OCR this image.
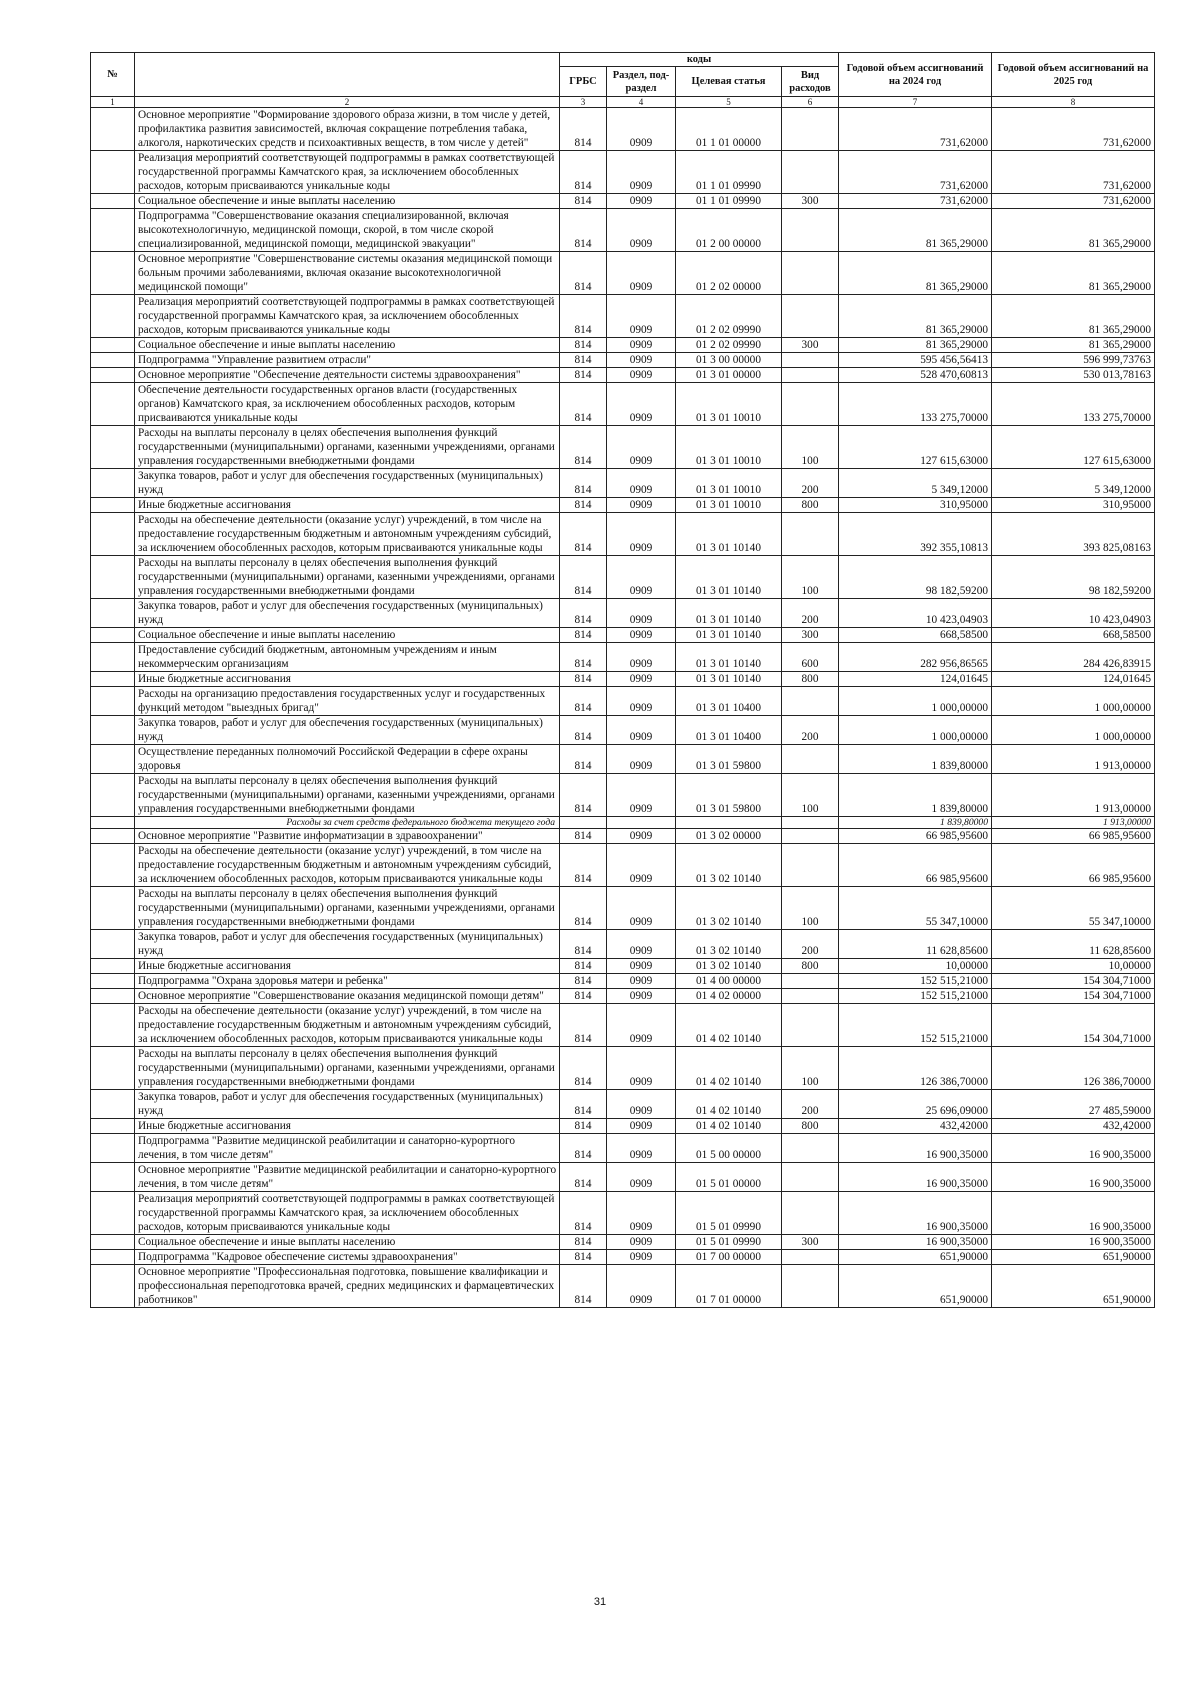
№		коды				Годовой объем ассигнований на 2024 год	Годовой объем ассигнований на 2025 год
		ГРБС	Раздел, под-раздел	Целевая статья	Вид расходов		
1	2	3	4	5	6	7	8
	Основное мероприятие "Формирование здорового образа жизни, в том числе у детей, профилактика развития зависимостей, включая сокращение потребления табака, алкоголя, наркотических средств и психоактивных веществ, в том числе у детей"	814	0909	01 1 01 00000		731,62000	731,62000
	Реализация мероприятий соответствующей подпрограммы в рамках соответствующей государственной программы Камчатского края, за исключением обособленных расходов, которым присваиваются уникальные коды	814	0909	01 1 01 09990		731,62000	731,62000
	Социальное обеспечение и иные выплаты населению	814	0909	01 1 01 09990	300	731,62000	731,62000
	Подпрограмма "Совершенствование оказания специализированной, включая высокотехнологичную, медицинской помощи, скорой, в том числе скорой специализированной, медицинской помощи, медицинской эвакуации"	814	0909	01 2 00 00000		81 365,29000	81 365,29000
	Основное мероприятие "Совершенствование системы оказания медицинской помощи больным прочими заболеваниями, включая оказание высокотехнологичной медицинской помощи"	814	0909	01 2 02 00000		81 365,29000	81 365,29000
	Реализация мероприятий соответствующей подпрограммы в рамках соответствующей государственной программы Камчатского края, за исключением обособленных расходов, которым присваиваются уникальные коды	814	0909	01 2 02 09990		81 365,29000	81 365,29000
	Социальное обеспечение и иные выплаты населению	814	0909	01 2 02 09990	300	81 365,29000	81 365,29000
	Подпрограмма "Управление развитием отрасли"	814	0909	01 3 00 00000		595 456,56413	596 999,73763
	Основное мероприятие "Обеспечение деятельности системы здравоохранения"	814	0909	01 3 01 00000		528 470,60813	530 013,78163
	Обеспечение деятельности государственных органов власти (государственных органов) Камчатского края, за исключением обособленных расходов, которым присваиваются уникальные коды	814	0909	01 3 01 10010		133 275,70000	133 275,70000
	Расходы на выплаты персоналу в целях обеспечения выполнения функций государственными (муниципальными) органами, казенными учреждениями, органами управления государственными внебюджетными фондами	814	0909	01 3 01 10010	100	127 615,63000	127 615,63000
	Закупка товаров, работ и услуг для обеспечения государственных (муниципальных) нужд	814	0909	01 3 01 10010	200	5 349,12000	5 349,12000
	Иные бюджетные ассигнования	814	0909	01 3 01 10010	800	310,95000	310,95000
	Расходы на обеспечение деятельности (оказание услуг) учреждений, в том числе на предоставление государственным бюджетным и автономным учреждениям субсидий, за исключением обособленных расходов, которым присваиваются уникальные коды	814	0909	01 3 01 10140		392 355,10813	393 825,08163
	Расходы на выплаты персоналу в целях обеспечения выполнения функций государственными (муниципальными) органами, казенными учреждениями, органами управления государственными внебюджетными фондами	814	0909	01 3 01 10140	100	98 182,59200	98 182,59200
	Закупка товаров, работ и услуг для обеспечения государственных (муниципальных) нужд	814	0909	01 3 01 10140	200	10 423,04903	10 423,04903
	Социальное обеспечение и иные выплаты населению	814	0909	01 3 01 10140	300	668,58500	668,58500
	Предоставление субсидий бюджетным, автономным учреждениям и иным некоммерческим организациям	814	0909	01 3 01 10140	600	282 956,86565	284 426,83915
	Иные бюджетные ассигнования	814	0909	01 3 01 10140	800	124,01645	124,01645
	Расходы на организацию предоставления государственных услуг и государственных функций методом "выездных бригад"	814	0909	01 3 01 10400		1 000,00000	1 000,00000
	Закупка товаров, работ и услуг для обеспечения государственных (муниципальных) нужд	814	0909	01 3 01 10400	200	1 000,00000	1 000,00000
	Осуществление переданных полномочий Российской Федерации в сфере охраны здоровья	814	0909	01 3 01 59800		1 839,80000	1 913,00000
	Расходы на выплаты персоналу в целях обеспечения выполнения функций государственными (муниципальными) органами, казенными учреждениями, органами управления государственными внебюджетными фондами	814	0909	01 3 01 59800	100	1 839,80000	1 913,00000
	Расходы за счет средств федерального бюджета текущего года					1 839,80000	1 913,00000
	Основное мероприятие "Развитие информатизации в здравоохранении"	814	0909	01 3 02 00000		66 985,95600	66 985,95600
	Расходы на обеспечение деятельности (оказание услуг) учреждений, в том числе на предоставление государственным бюджетным и автономным учреждениям субсидий, за исключением обособленных расходов, которым присваиваются уникальные коды	814	0909	01 3 02 10140		66 985,95600	66 985,95600
	Расходы на выплаты персоналу в целях обеспечения выполнения функций государственными (муниципальными) органами, казенными учреждениями, органами управления государственными внебюджетными фондами	814	0909	01 3 02 10140	100	55 347,10000	55 347,10000
	Закупка товаров, работ и услуг для обеспечения государственных (муниципальных) нужд	814	0909	01 3 02 10140	200	11 628,85600	11 628,85600
	Иные бюджетные ассигнования	814	0909	01 3 02 10140	800	10,00000	10,00000
	Подпрограмма "Охрана здоровья матери и ребенка"	814	0909	01 4 00 00000		152 515,21000	154 304,71000
	Основное мероприятие "Совершенствование оказания медицинской помощи детям"	814	0909	01 4 02 00000		152 515,21000	154 304,71000
	Расходы на обеспечение деятельности (оказание услуг) учреждений, в том числе на предоставление государственным бюджетным и автономным учреждениям субсидий, за исключением обособленных расходов, которым присваиваются уникальные коды	814	0909	01 4 02 10140		152 515,21000	154 304,71000
	Расходы на выплаты персоналу в целях обеспечения выполнения функций государственными (муниципальными) органами, казенными учреждениями, органами управления государственными внебюджетными фондами	814	0909	01 4 02 10140	100	126 386,70000	126 386,70000
	Закупка товаров, работ и услуг для обеспечения государственных (муниципальных) нужд	814	0909	01 4 02 10140	200	25 696,09000	27 485,59000
	Иные бюджетные ассигнования	814	0909	01 4 02 10140	800	432,42000	432,42000
	Подпрограмма "Развитие медицинской реабилитации и санаторно-курортного лечения, в том числе детям"	814	0909	01 5 00 00000		16 900,35000	16 900,35000
	Основное мероприятие "Развитие медицинской реабилитации и санаторно-курортного лечения, в том числе детям"	814	0909	01 5 01 00000		16 900,35000	16 900,35000
	Реализация мероприятий соответствующей подпрограммы в рамках соответствующей государственной программы Камчатского края, за исключением обособленных расходов, которым присваиваются уникальные коды	814	0909	01 5 01 09990		16 900,35000	16 900,35000
	Социальное обеспечение и иные выплаты населению	814	0909	01 5 01 09990	300	16 900,35000	16 900,35000
	Подпрограмма "Кадровое обеспечение системы здравоохранения"	814	0909	01 7 00 00000		651,90000	651,90000
	Основное мероприятие "Профессиональная подготовка, повышение квалификации и профессиональная переподготовка врачей, средних медицинских и фармацевтических работников"	814	0909	01 7 01 00000		651,90000	651,90000
31
